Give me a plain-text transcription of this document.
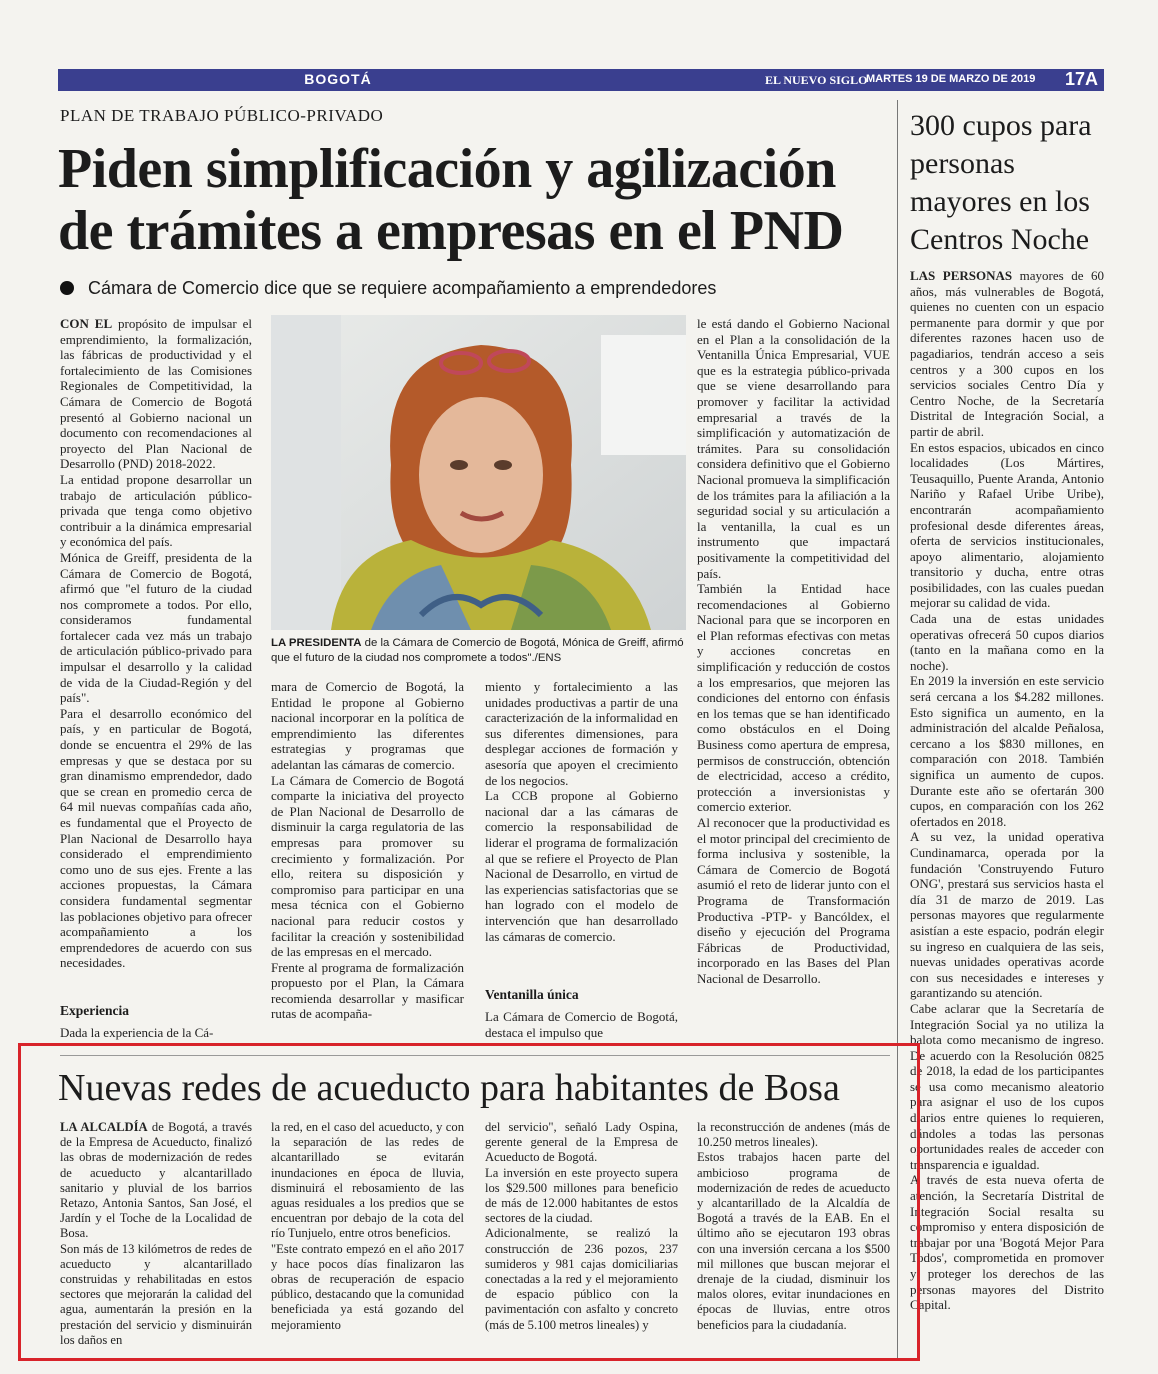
BOGOTÁ	EL NUEVO SIGLO
MARTES 19 DE MARZO DE 2019 17A
PLAN DE TRABAJO PÚBLICO-PRIVADO
Piden simplificación y agilización de trámites a empresas en el PND
Cámara de Comercio dice que se requiere acompañamiento a emprendedores
CON EL propósito de impulsar el emprendimiento, la formalización, las fábricas de productividad y el fortalecimiento de las Comisiones Regionales de Competitividad, la Cámara de Comercio de Bogotá presentó al Gobierno nacional un documento con recomendaciones al proyecto del Plan Nacional de Desarrollo (PND) 2018-2022.
La entidad propone desarrollar un trabajo de articulación público-privada que tenga como objetivo contribuir a la dinámica empresarial y económica del país.
Mónica de Greiff, presidenta de la Cámara de Comercio de Bogotá, afirmó que "el futuro de la ciudad nos compromete a todos. Por ello, consideramos fundamental fortalecer cada vez más un trabajo de articulación público-privado para impulsar el desarrollo y la calidad de vida de la Ciudad-Región y del país".
Para el desarrollo económico del país, y en particular de Bogotá, donde se encuentra el 29% de las empresas y que se destaca por su gran dinamismo emprendedor, dado que se crean en promedio cerca de 64 mil nuevas compañías cada año, es fundamental que el Proyecto de Plan Nacional de Desarrollo haya considerado el emprendimiento como uno de sus ejes. Frente a las acciones propuestas, la Cámara considera fundamental segmentar las poblaciones objetivo para ofrecer acompañamiento a los emprendedores de acuerdo con sus necesidades.
Experiencia
Dada la experiencia de la Cá-
LA PRESIDENTA de la Cámara de Comercio de Bogotá, Mónica de Greiff, afirmó que el futuro de la ciudad nos compromete a todos"./ENS
mara de Comercio de Bogotá, la Entidad le propone al Gobierno nacional incorporar en la política de emprendimiento las diferentes estrategias y programas que adelantan las cámaras de comercio.
La Cámara de Comercio de Bogotá comparte la iniciativa del proyecto de Plan Nacional de Desarrollo de disminuir la carga regulatoria de las empresas para promover su crecimiento y formalización. Por ello, reitera su disposición y compromiso para participar en una mesa técnica con el Gobierno nacional para reducir costos y facilitar la creación y sostenibilidad de las empresas en el mercado.
Frente al programa de formalización propuesto por el Plan, la Cámara recomienda desarrollar y masificar rutas de acompaña-
miento y fortalecimiento a las unidades productivas a partir de una caracterización de la informalidad en sus diferentes dimensiones, para desplegar acciones de formación y asesoría que apoyen el crecimiento de los negocios.
La CCB propone al Gobierno nacional dar a las cámaras de comercio la responsabilidad de liderar el programa de formalización al que se refiere el Proyecto de Plan Nacional de Desarrollo, en virtud de las experiencias satisfactorias que se han logrado con el modelo de intervención que han desarrollado las cámaras de comercio.
Ventanilla única
La Cámara de Comercio de Bogotá, destaca el impulso que
le está dando el Gobierno Nacional en el Plan a la consolidación de la Ventanilla Única Empresarial, VUE que es la estrategia público-privada que se viene desarrollando para promover y facilitar la actividad empresarial a través de la simplificación y automatización de trámites. Para su consolidación considera definitivo que el Gobierno Nacional promueva la simplificación de los trámites para la afiliación a la seguridad social y su articulación a la ventanilla, la cual es un instrumento que impactará positivamente la competitividad del país.
También la Entidad hace recomendaciones al Gobierno Nacional para que se incorporen en el Plan reformas efectivas con metas y acciones concretas en simplificación y reducción de costos a los empresarios, que mejoren las condiciones del entorno con énfasis en los temas que se han identificado como obstáculos en el Doing Business como apertura de empresa, permisos de construcción, obtención de electricidad, acceso a crédito, protección a inversionistas y comercio exterior.
Al reconocer que la productividad es el motor principal del crecimiento de forma inclusiva y sostenible, la Cámara de Comercio de Bogotá asumió el reto de liderar junto con el Programa de Transformación Productiva -PTP- y Bancóldex, el diseño y ejecución del Programa Fábricas de Productividad, incorporado en las Bases del Plan Nacional de Desarrollo.
300 cupos para personas mayores en los Centros Noche
LAS PERSONAS mayores de 60 años, más vulnerables de Bogotá, quienes no cuenten con un espacio permanente para dormir y que por diferentes razones hacen uso de pagadiarios, tendrán acceso a seis centros y a 300 cupos en los servicios sociales Centro Día y Centro Noche, de la Secretaría Distrital de Integración Social, a partir de abril.
En estos espacios, ubicados en cinco localidades (Los Mártires, Teusaquillo, Puente Aranda, Antonio Nariño y Rafael Uribe Uribe), encontrarán acompañamiento profesional desde diferentes áreas, oferta de servicios institucionales, apoyo alimentario, alojamiento transitorio y ducha, entre otras posibilidades, con las cuales puedan mejorar su calidad de vida.
Cada una de estas unidades operativas ofrecerá 50 cupos diarios (tanto en la mañana como en la noche).
En 2019 la inversión en este servicio será cercana a los $4.282 millones. Esto significa un aumento, en la administración del alcalde Peñalosa, cercano a los $830 millones, en comparación con 2018. También significa un aumento de cupos. Durante este año se ofertarán 300 cupos, en comparación con los 262 ofertados en 2018.
A su vez, la unidad operativa Cundinamarca, operada por la fundación 'Construyendo Futuro ONG', prestará sus servicios hasta el día 31 de marzo de 2019. Las personas mayores que regularmente asistían a este espacio, podrán elegir su ingreso en cualquiera de las seis, nuevas unidades operativas acorde con sus necesidades e intereses y garantizando su atención.
Cabe aclarar que la Secretaría de Integración Social ya no utiliza la balota como mecanismo de ingreso. De acuerdo con la Resolución 0825 de 2018, la edad de los participantes se usa como mecanismo aleatorio para asignar el uso de los cupos diarios entre quienes lo requieren, dándoles a todas las personas oportunidades reales de acceder con transparencia e igualdad.
A través de esta nueva oferta de atención, la Secretaría Distrital de Integración Social resalta su compromiso y entera disposición de trabajar por una 'Bogotá Mejor Para Todos', comprometida en promover y proteger los derechos de las personas mayores del Distrito Capital.
Nuevas redes de acueducto para habitantes de Bosa
LA ALCALDÍA de Bogotá, a través de la Empresa de Acueducto, finalizó las obras de modernización de redes de acueducto y alcantarillado sanitario y pluvial de los barrios Retazo, Antonia Santos, San José, el Jardín y el Toche de la Localidad de Bosa.
Son más de 13 kilómetros de redes de acueducto y alcantarillado construidas y rehabilitadas en estos sectores que mejorarán la calidad del agua, aumentarán la presión en la prestación del servicio y disminuirán los daños en
la red, en el caso del acueducto, y con la separación de las redes de alcantarillado se evitarán inundaciones en época de lluvia, disminuirá el rebosamiento de las aguas residuales a los predios que se encuentran por debajo de la cota del río Tunjuelo, entre otros beneficios.
"Este contrato empezó en el año 2017 y hace pocos días finalizaron las obras de recuperación de espacio público, destacando que la comunidad beneficiada ya está gozando del mejoramiento
del servicio", señaló Lady Ospina, gerente general de la Empresa de Acueducto de Bogotá.
La inversión en este proyecto supera los $29.500 millones para beneficio de más de 12.000 habitantes de estos sectores de la ciudad.
Adicionalmente, se realizó la construcción de 236 pozos, 237 sumideros y 981 cajas domiciliarias conectadas a la red y el mejoramiento de espacio público con la pavimentación con asfalto y concreto (más de 5.100 metros lineales) y
la reconstrucción de andenes (más de 10.250 metros lineales).
Estos trabajos hacen parte del ambicioso programa de modernización de redes de acueducto y alcantarillado de la Alcaldía de Bogotá a través de la EAB. En el último año se ejecutaron 193 obras con una inversión cercana a los $500 mil millones que buscan mejorar el drenaje de la ciudad, disminuir los malos olores, evitar inundaciones en épocas de lluvias, entre otros beneficios para la ciudadanía.
